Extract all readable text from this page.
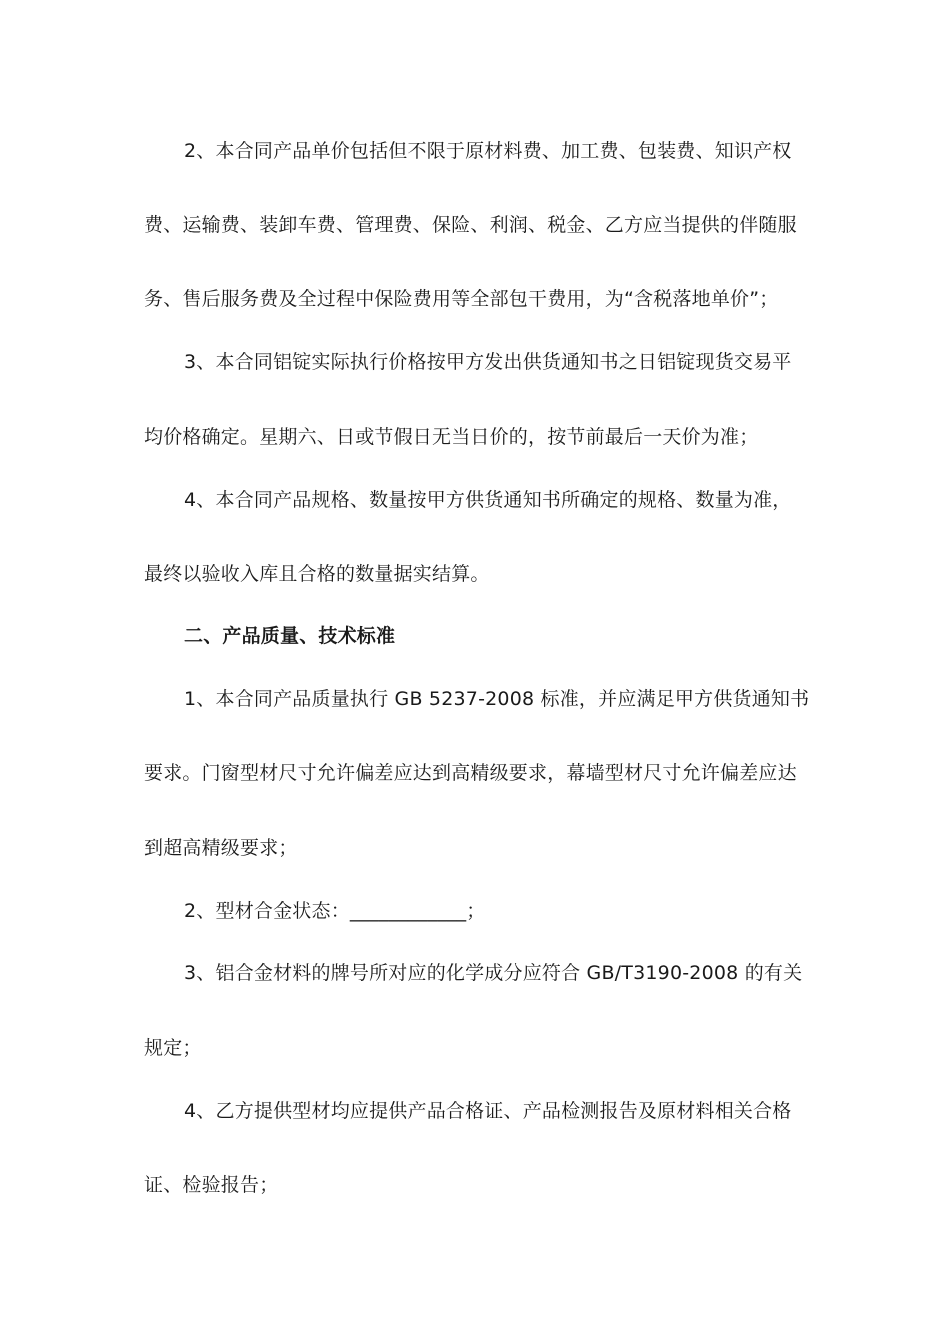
2、本合同产品单价包括但不限于原材料费、加工费、包装费、知识产权
费、运输费、装卸车费、管理费、保险、利润、税金、乙方应当提供的伴随服
务、售后服务费及全过程中保险费用等全部包干费用，为“含税落地单价”；
3、本合同铝锭实际执行价格按甲方发出供货通知书之日铝锭现货交易平
均价格确定。星期六、日或节假日无当日价的，按节前最后一天价为准；
4、本合同产品规格、数量按甲方供货通知书所确定的规格、数量为准，
最终以验收入库且合格的数量据实结算。
二、产品质量、技术标准
1、本合同产品质量执行 GB 5237-2008 标准，并应满足甲方供货通知书
要求。门窗型材尺寸允许偏差应达到高精级要求，幕墙型材尺寸允许偏差应达
到超高精级要求；
2、型材合金状态：____________；
3、铝合金材料的牌号所对应的化学成分应符合 GB/T3190-2008 的有关
规定；
4、乙方提供型材均应提供产品合格证、产品检测报告及原材料相关合格
证、检验报告；
